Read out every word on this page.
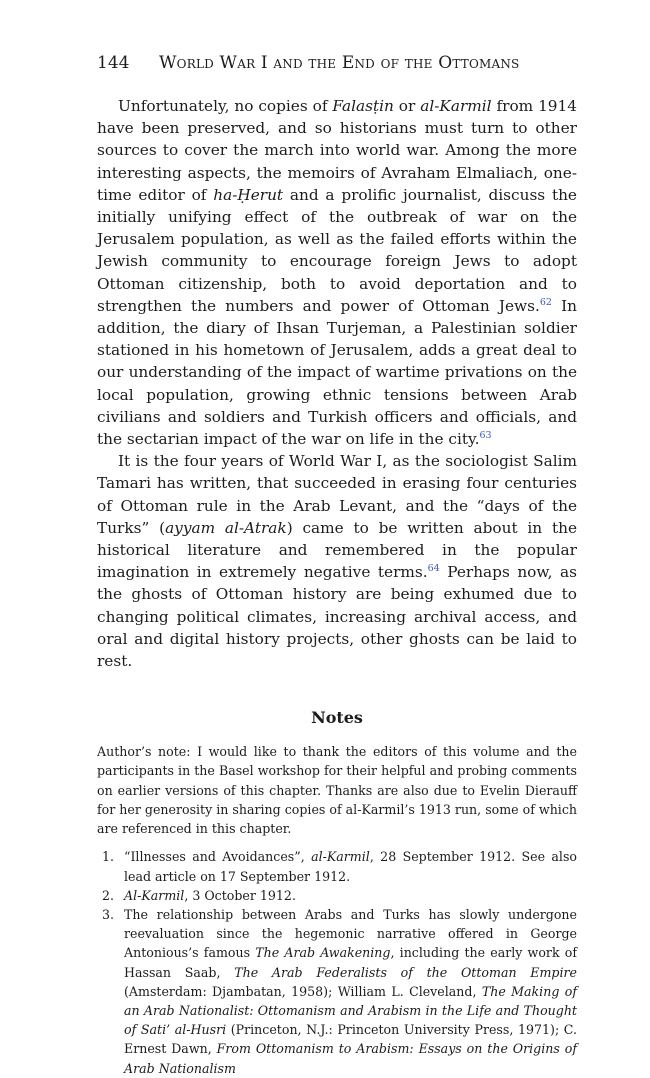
144	World War I and the End of the Ottomans

Unfortunately, no copies of Falasṭin or al-Karmil from 1914 have been preserved, and so historians must turn to other sources to cover the march into world war. Among the more interesting aspects, the memoirs of Avraham Elmaliach, one-time editor of ha-Ḥerut and a prolific journalist, discuss the initially unifying effect of the outbreak of war on the Jerusalem population, as well as the failed efforts within the Jewish community to encourage foreign Jews to adopt Ottoman citizenship, both to avoid deportation and to strengthen the numbers and power of Ottoman Jews.$^{62}$ In addition, the diary of Ihsan Turjeman, a Palestinian soldier stationed in his hometown of Jerusalem, adds a great deal to our understanding of the impact of wartime privations on the local population, growing ethnic tensions between Arab civilians and soldiers and Turkish officers and officials, and the sectarian impact of the war on life in the city.$^{63}$

It is the four years of World War I, as the sociologist Salim Tamari has written, that succeeded in erasing four centuries of Ottoman rule in the Arab Levant, and the “days of the Turks” (ayyam al-Atrak) came to be written about in the historical literature and remembered in the popular imagination in extremely negative terms.$^{64}$ Perhaps now, as the ghosts of Ottoman history are being exhumed due to changing political climates, increasing archival access, and oral and digital history projects, other ghosts can be laid to rest.

Notes

Author’s note: I would like to thank the editors of this volume and the participants in the Basel workshop for their helpful and probing comments on earlier versions of this chapter. Thanks are also due to Evelin Dierauff for her generosity in sharing copies of al-Karmil’s 1913 run, some of which are referenced in this chapter.

1. “Illnesses and Avoidances”, al-Karmil, 28 September 1912. See also lead article on 17 September 1912.
2. Al-Karmil, 3 October 1912.
3. The relationship between Arabs and Turks has slowly undergone reevaluation since the hegemonic narrative offered in George Antonious’s famous The Arab Awakening, including the early work of Hassan Saab, The Arab Federalists of the Ottoman Empire (Amsterdam: Djambatan, 1958); William L. Cleveland, The Making of an Arab Nationalist: Ottomanism and Arabism in the Life and Thought of Sati’ al-Husri (Princeton, N.J.: Princeton University Press, 1971); C. Ernest Dawn, From Ottomanism to Arabism: Essays on the Origins of Arab Nationalism
